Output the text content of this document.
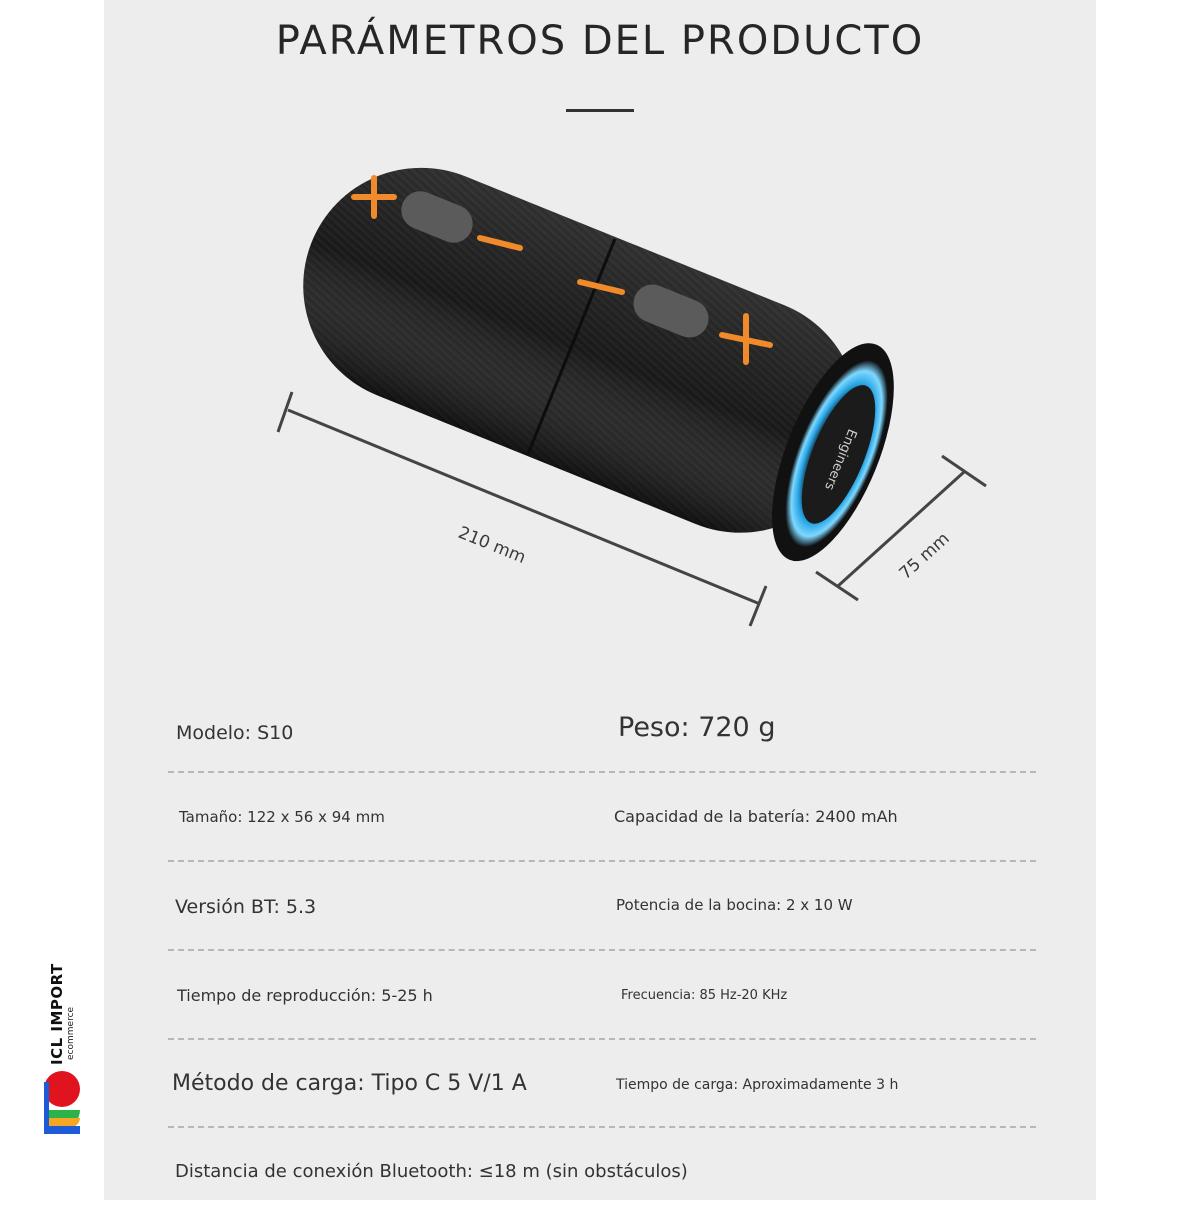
PARÁMETROS DEL PRODUCTO
Engineers
210 mm	75 mm
Modelo: S10	Peso: 720 g
Tamaño: 122 x 56 x 94 mm	Capacidad de la batería: 2400 mAh
Versión BT: 5.3	Potencia de la bocina: 2 x 10 W
Tiempo de reproducción: 5-25 h	Frecuencia: 85 Hz-20 KHz
Método de carga: Tipo C 5 V/1 A	Tiempo de carga: Aproximadamente 3 h
Distancia de conexión Bluetooth: ≤18 m (sin obstáculos)
ICL IMPORT ecommerce
